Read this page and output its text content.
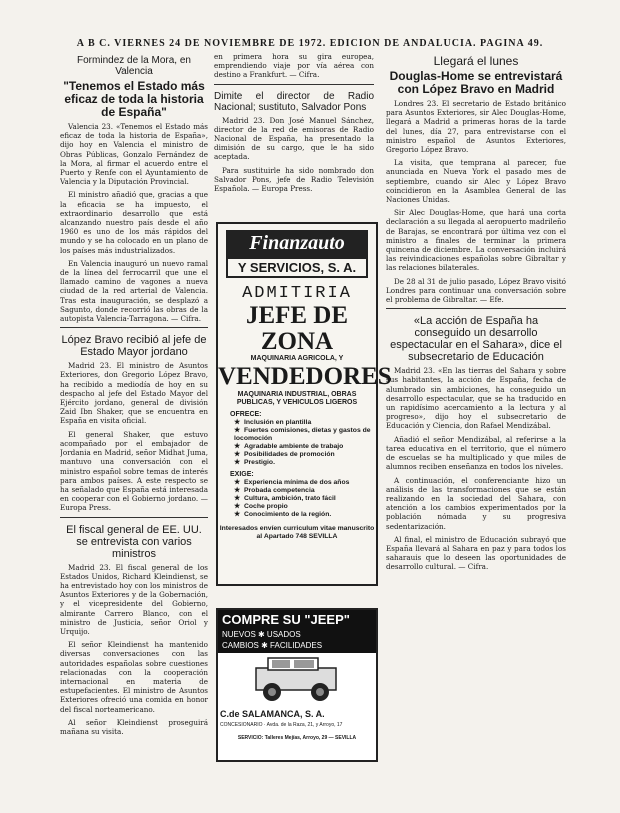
A B C. VIERNES 24 DE NOVIEMBRE DE 1972. EDICION DE ANDALUCIA. PAGINA 49.
Formindez de la Mora, en Valencia
"Tenemos el Estado más eficaz de toda la historia de España"

Valencia 23. «Tenemos el Estado más eficaz de toda la historia de España», dijo hoy en Valencia el ministro de Obras Públicas, Gonzalo Fernández de la Mora, al firmar el acuerdo entre el Puerto y Renfe con el Ayuntamiento de Valencia y la Diputación Provincial.

El ministro añadió que, gracias a que la eficacia se ha impuesto, el extraordinario desarrollo que está alcanzando nuestro país desde el año 1960 es uno de los más rápidos del mundo y se ha colocado en un plano de los países más industrializados.

En Valencia inauguró un nuevo ramal de la línea del ferrocarril que une el llamado camino de vagones a nueva ciudad de la red arterial de Valencia. Tras esta inauguración, se desplazó a Sagunto, donde recorrió las obras de la autopista Valencia-Tarragona. — Cifra.

López Bravo recibió al jefe de Estado Mayor jordano

Madrid 23. El ministro de Asuntos Exteriores, don Gregorio López Bravo, ha recibido a mediodía de hoy en su despacho al jefe del Estado Mayor del Ejército jordano, general de división Zaid Ibn Shaker, que se encuentra en España en visita oficial.

El general Shaker, que estuvo acompañado por el embajador de Jordania en Madrid, señor Midhat Juma, mantuvo una conversación con el ministro español sobre temas de interés para ambos países. A este respecto se ha señalado que España está interesada en cooperar con el Gobierno jordano. — Europa Press.

El fiscal general de EE. UU. se entrevista con varios ministros

Madrid 23. El fiscal general de los Estados Unidos, Richard Kleindienst, se ha entrevistado hoy con los ministros de Asuntos Exteriores y de la Gobernación, y el vicepresidente del Gobierno, almirante Carrero Blanco, con el ministro de Justicia, señor Oriol y Urquijo.

El señor Kleindienst ha mantenido diversas conversaciones con las autoridades españolas sobre cuestiones relacionadas con la cooperación internacional en materia de estupefacientes. El ministro de Asuntos Exteriores ofreció una comida en honor del fiscal norteamericano.

Al señor Kleindienst proseguirá mañana su visita.

en primera hora su gira europea, emprendiendo viaje por vía aérea con destino a Frankfurt. — Cifra.

Dimite el director de Radio Nacional; sustituto, Salvador Pons

Madrid 23. Don José Manuel Sánchez, director de la red de emisoras de Radio Nacional de España, ha presentado la dimisión de su cargo, que le ha sido aceptada.

Para sustituirle ha sido nombrado don Salvador Pons, jefe de Radio Televisión Española. — Europa Press.

Finanzauto
Y SERVICIOS, S. A.
ADMITIRIA
JEFE DE ZONA
MAQUINARIA AGRICOLA, Y
VENDEDORES
MAQUINARIA INDUSTRIAL, OBRAS PUBLICAS, Y VEHICULOS LIGEROS
OFRECE:
★ Inclusión en plantilla
★ Fuertes comisiones, dietas y gastos de locomoción
★ Agradable ambiente de trabajo
★ Posibilidades de promoción
★ Prestigio.
EXIGE:
★ Experiencia mínima de dos años
★ Probada competencia
★ Cultura, ambición, trato fácil
★ Coche propio
★ Conocimiento de la región.
Interesados envíen curriculum vitae manuscrito al Apartado 748 SEVILLA
COMPRE SU "JEEP"
NUEVOS ✱ USADOS
CAMBIOS ✱ FACILIDADES
C.de SALAMANCA, S. A.
CONCESIONARIO · Avda. de la Raza, 21, y Arroyo, 17
SERVICIO: Talleres Mejías, Arroyo, 29 — SEVILLA
Llegará el lunes
Douglas-Home se entrevistará con López Bravo en Madrid

Londres 23. El secretario de Estado británico para Asuntos Exteriores, sir Alec Douglas-Home, llegará a Madrid a primeras horas de la tarde del lunes, día 27, para entrevistarse con el ministro español de Asuntos Exteriores, Gregorio López Bravo.

La visita, que temprana al parecer, fue anunciada en Nueva York el pasado mes de septiembre, cuando sir Alec y López Bravo coincidieron en la Asamblea General de las Naciones Unidas.

Sir Alec Douglas-Home, que hará una corta declaración a su llegada al aeropuerto madrileño de Barajas, se encontrará por última vez con el ministro a finales de terminar la primera quincena de diciembre. La conversación incluirá las reivindicaciones españolas sobre Gibraltar y las relaciones bilaterales.

De 28 al 31 de julio pasado, López Bravo visitó Londres para continuar una conversación sobre el problema de Gibraltar. — Efe.

«La acción de España ha conseguido un desarrollo espectacular en el Sahara», dice el subsecretario de Educación

Madrid 23. «En las tierras del Sahara y sobre sus habitantes, la acción de España, fecha de alumbrado sin ambiciones, ha conseguido un desarrollo espectacular, que se ha traducido en un rapidísimo acercamiento a la lectura y al progreso», dijo hoy el subsecretario de Educación y Ciencia, don Rafael Mendizábal.

Añadió el señor Mendizábal, al referirse a la tarea educativa en el territorio, que el número de escuelas se ha multiplicado y que miles de alumnos reciben enseñanza en todos los niveles.

A continuación, el conferenciante hizo un análisis de las transformaciones que se están realizando en la sociedad del Sahara, con atención a los cambios experimentados por la población nómada y su progresiva sedentarización.

Al final, el ministro de Educación subrayó que España llevará al Sahara en paz y para todos los saharauis que lo deseen las oportunidades de desarrollo cultural. — Cifra.
